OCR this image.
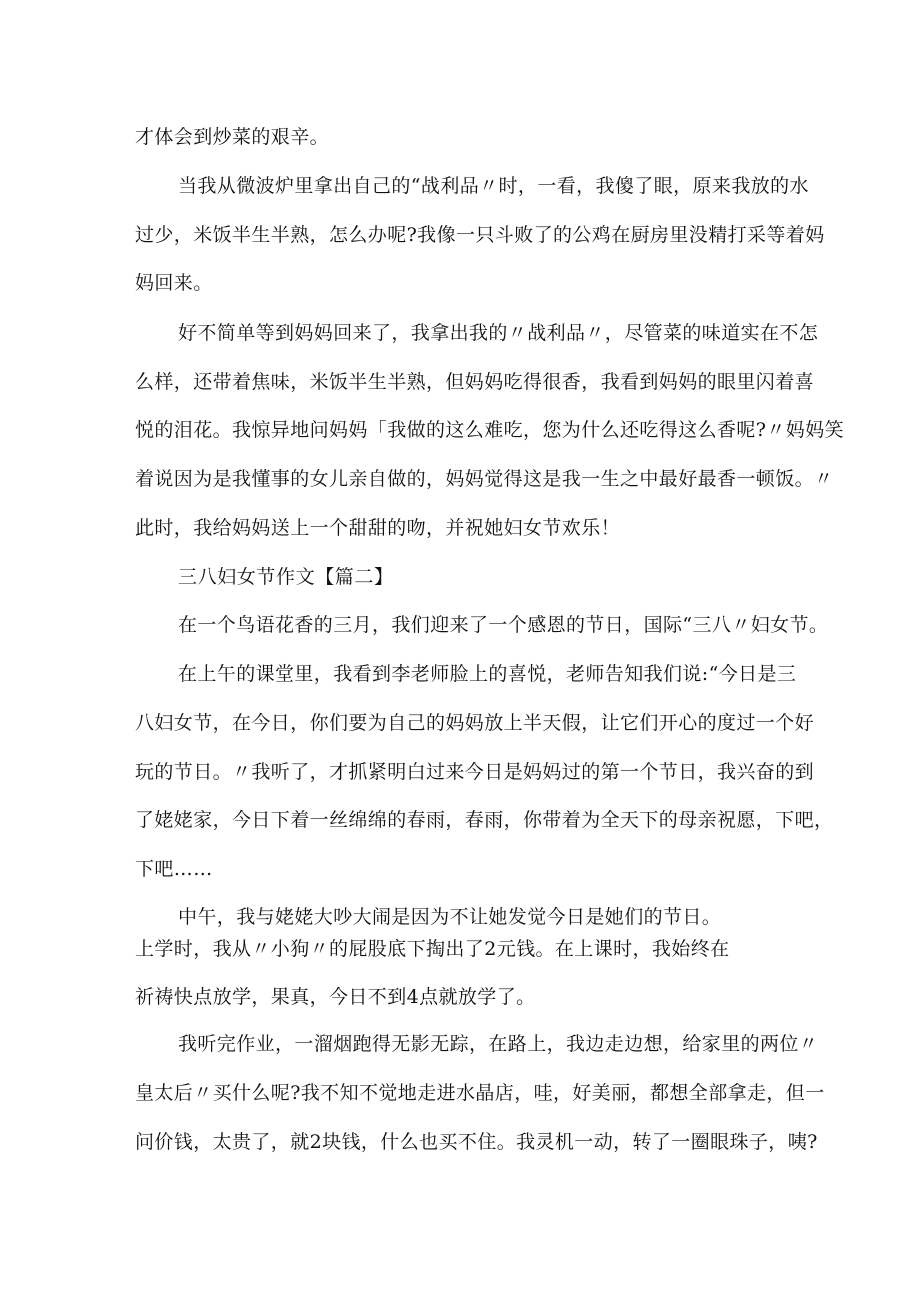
才体会到炒菜的艰辛。
当我从微波炉里拿出自己的“战利品〃时，一看，我傻了眼，原来我放的水
过少，米饭半生半熟，怎么办呢?我像一只斗败了的公鸡在厨房里没精打采等着妈
妈回来。
好不简单等到妈妈回来了，我拿出我的〃战利品〃，尽管菜的味道实在不怎
么样，还带着焦味，米饭半生半熟，但妈妈吃得很香，我看到妈妈的眼里闪着喜
悦的泪花。我惊异地问妈妈「我做的这么难吃，您为什么还吃得这么香呢?〃妈妈笑
着说因为是我懂事的女儿亲自做的，妈妈觉得这是我一生之中最好最香一顿饭。〃
此时，我给妈妈送上一个甜甜的吻，并祝她妇女节欢乐！
三八妇女节作文【篇二】
在一个鸟语花香的三月，我们迎来了一个感恩的节日，国际“三八〃妇女节。
在上午的课堂里，我看到李老师脸上的喜悦，老师告知我们说:“今日是三
八妇女节，在今日，你们要为自己的妈妈放上半天假，让它们开心的度过一个好
玩的节日。〃我听了，才抓紧明白过来今日是妈妈过的第一个节日，我兴奋的到
了姥姥家，今日下着一丝绵绵的春雨，春雨，你带着为全天下的母亲祝愿，下吧，
下吧……
中午，我与姥姥大吵大闹是因为不让她发觉今日是她们的节日。
上学时，我从〃小狗〃的屁股底下掏出了2元钱。在上课时，我始终在
祈祷快点放学，果真，今日不到4点就放学了。
我听完作业，一溜烟跑得无影无踪，在路上，我边走边想，给家里的两位〃
皇太后〃买什么呢?我不知不觉地走进水晶店，哇，好美丽，都想全部拿走，但一
问价钱，太贵了，就2块钱，什么也买不住。我灵机一动，转了一圈眼珠子，咦?
